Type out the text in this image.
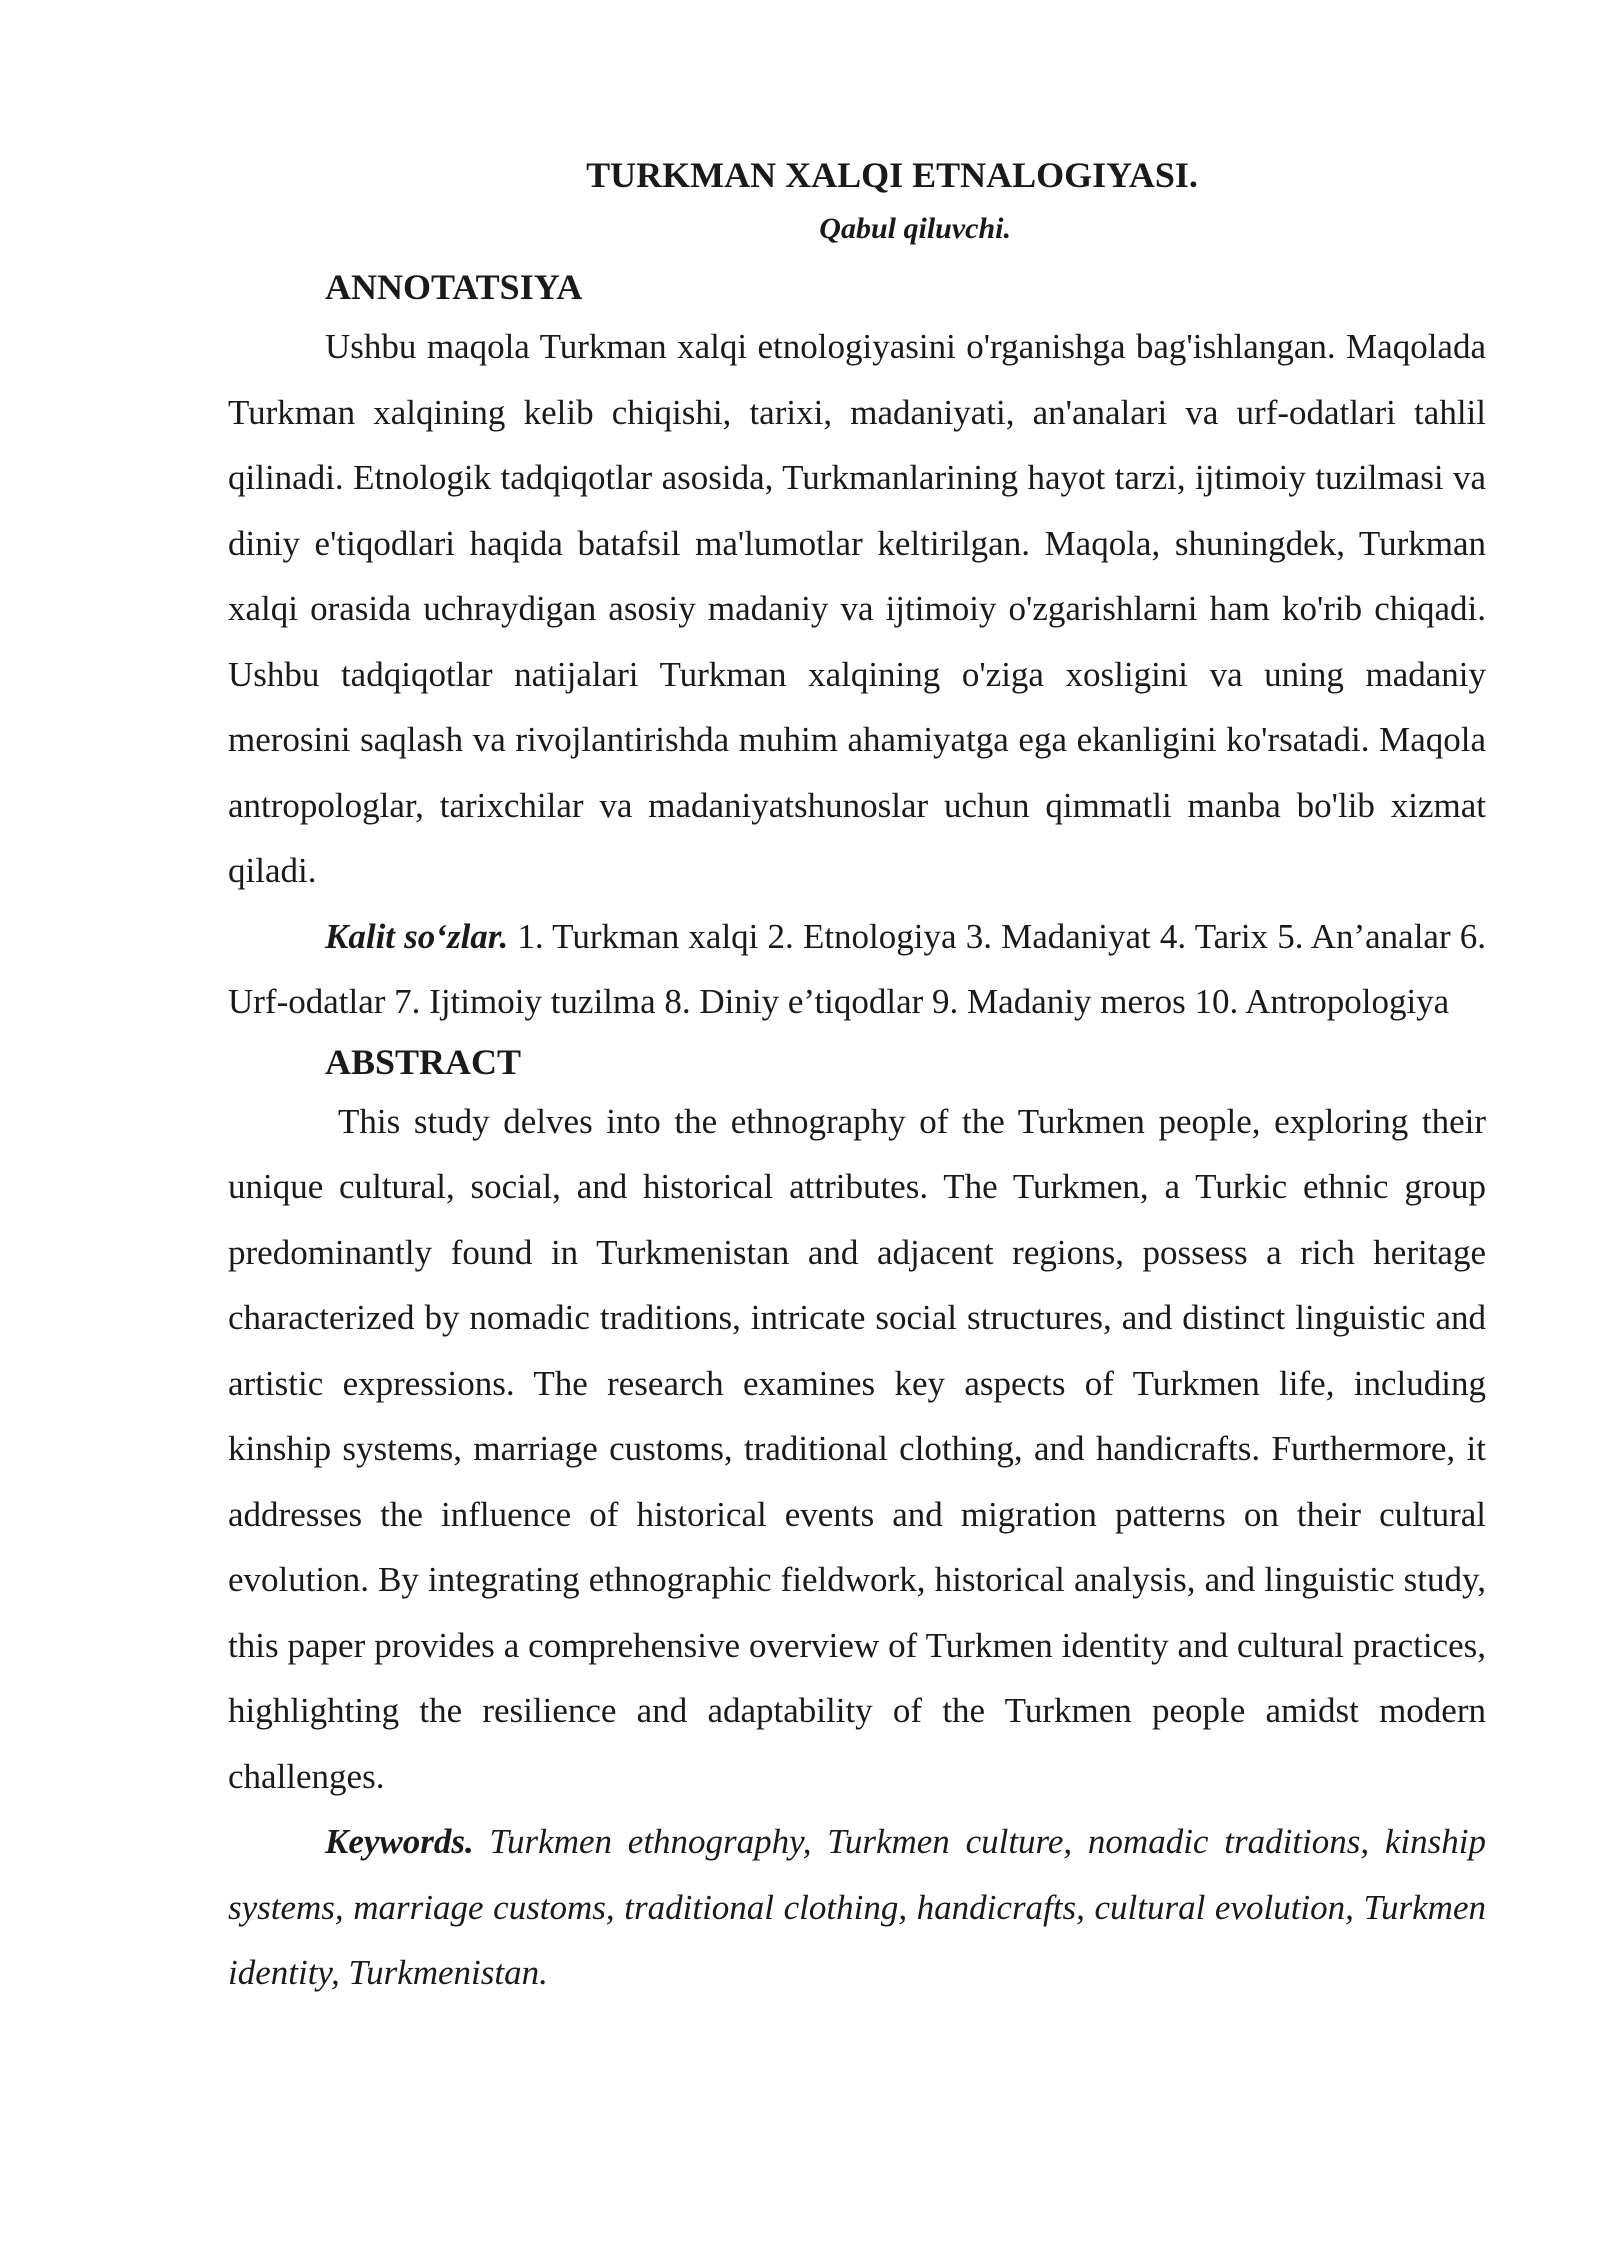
TURKMAN XALQI ETNALOGIYASI.

Qabul qiluvchi.

ANNOTATSIYA

Ushbu maqola Turkman xalqi etnologiyasini o'rganishga bag'ishlangan. Maqolada Turkman xalqining kelib chiqishi, tarixi, madaniyati, an'analari va urf-odatlari tahlil qilinadi. Etnologik tadqiqotlar asosida, Turkmanlarining hayot tarzi, ijtimoiy tuzilmasi va diniy e'tiqodlari haqida batafsil ma'lumotlar keltirilgan. Maqola, shuningdek, Turkman xalqi orasida uchraydigan asosiy madaniy va ijtimoiy o'zgarishlarni ham ko'rib chiqadi. Ushbu tadqiqotlar natijalari Turkman xalqining o'ziga xosligini va uning madaniy merosini saqlash va rivojlantirishda muhim ahamiyatga ega ekanligini ko'rsatadi. Maqola antropologlar, tarixchilar va madaniyatshunoslar uchun qimmatli manba bo'lib xizmat qiladi.

Kalit so‘zlar. 1. Turkman xalqi 2. Etnologiya 3. Madaniyat 4. Tarix 5. An’analar 6. Urf-odatlar 7. Ijtimoiy tuzilma 8. Diniy e’tiqodlar 9. Madaniy meros 10. Antropologiya

ABSTRACT

This study delves into the ethnography of the Turkmen people, exploring their unique cultural, social, and historical attributes. The Turkmen, a Turkic ethnic group predominantly found in Turkmenistan and adjacent regions, possess a rich heritage characterized by nomadic traditions, intricate social structures, and distinct linguistic and artistic expressions. The research examines key aspects of Turkmen life, including kinship systems, marriage customs, traditional clothing, and handicrafts. Furthermore, it addresses the influence of historical events and migration patterns on their cultural evolution. By integrating ethnographic fieldwork, historical analysis, and linguistic study, this paper provides a comprehensive overview of Turkmen identity and cultural practices, highlighting the resilience and adaptability of the Turkmen people amidst modern challenges.

Keywords. Turkmen ethnography, Turkmen culture, nomadic traditions, kinship systems, marriage customs, traditional clothing, handicrafts, cultural evolution, Turkmen identity, Turkmenistan.
